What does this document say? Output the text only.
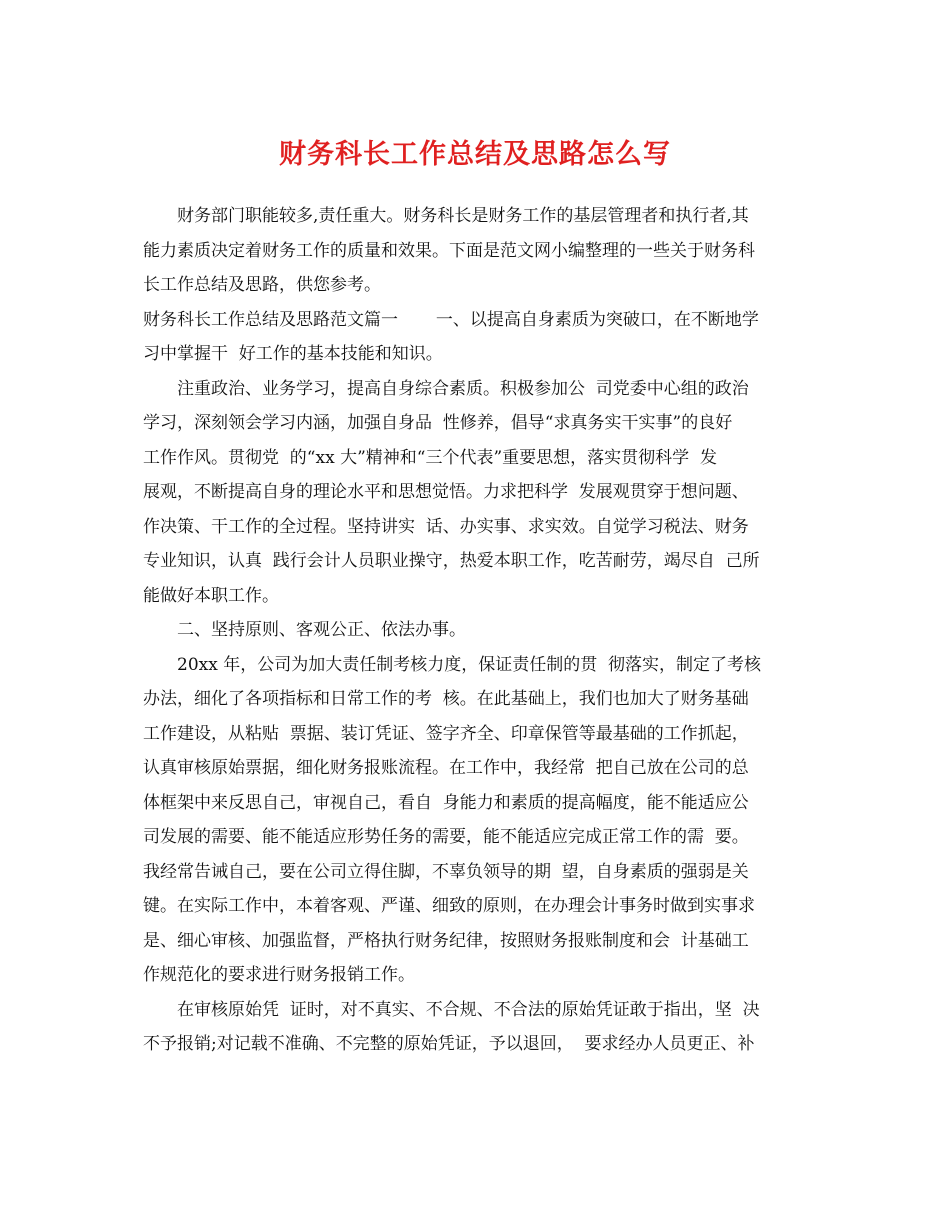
财务科长工作总结及思路怎么写

财务部门职能较多,责任重大。财务科长是财务工作的基层管理者和执行者,其
能力素质决定着财务工作的质量和效果。下面是范文网小编整理的一些关于财务科
长工作总结及思路，供您参考。

财务科长工作总结及思路范文篇一       一、以提高自身素质为突破口，在不断地学
习中掌握干  好工作的基本技能和知识。

注重政治、业务学习，提高自身综合素质。积极参加公  司党委中心组的政治
学习，深刻领会学习内涵，加强自身品  性修养，倡导“求真务实干实事”的良好
工作作风。贯彻党  的“xx 大”精神和“三个代表”重要思想，落实贯彻科学  发
展观，不断提高自身的理论水平和思想觉悟。力求把科学  发展观贯穿于想问题、
作决策、干工作的全过程。坚持讲实  话、办实事、求实效。自觉学习税法、财务
专业知识，认真  践行会计人员职业操守，热爱本职工作，吃苦耐劳，竭尽自  己所
能做好本职工作。

二、坚持原则、客观公正、依法办事。

20xx 年，公司为加大责任制考核力度，保证责任制的贯  彻落实，制定了考核
办法，细化了各项指标和日常工作的考  核。在此基础上，我们也加大了财务基础
工作建设，从粘贴  票据、装订凭证、签字齐全、印章保管等最基础的工作抓起，
认真审核原始票据，细化财务报账流程。在工作中，我经常  把自己放在公司的总
体框架中来反思自己，审视自己，看自  身能力和素质的提高幅度，能不能适应公
司发展的需要、能不能适应形势任务的需要，能不能适应完成正常工作的需  要。
我经常告诫自己，要在公司立得住脚，不辜负领导的期  望，自身素质的强弱是关
键。在实际工作中，本着客观、严谨、细致的原则，在办理会计事务时做到实事求
是、细心审核、加强监督，严格执行财务纪律，按照财务报账制度和会  计基础工
作规范化的要求进行财务报销工作。

在审核原始凭  证时，对不真实、不合规、不合法的原始凭证敢于指出，坚  决
不予报销;对记载不准确、不完整的原始凭证，予以退回，  要求经办人员更正、补
